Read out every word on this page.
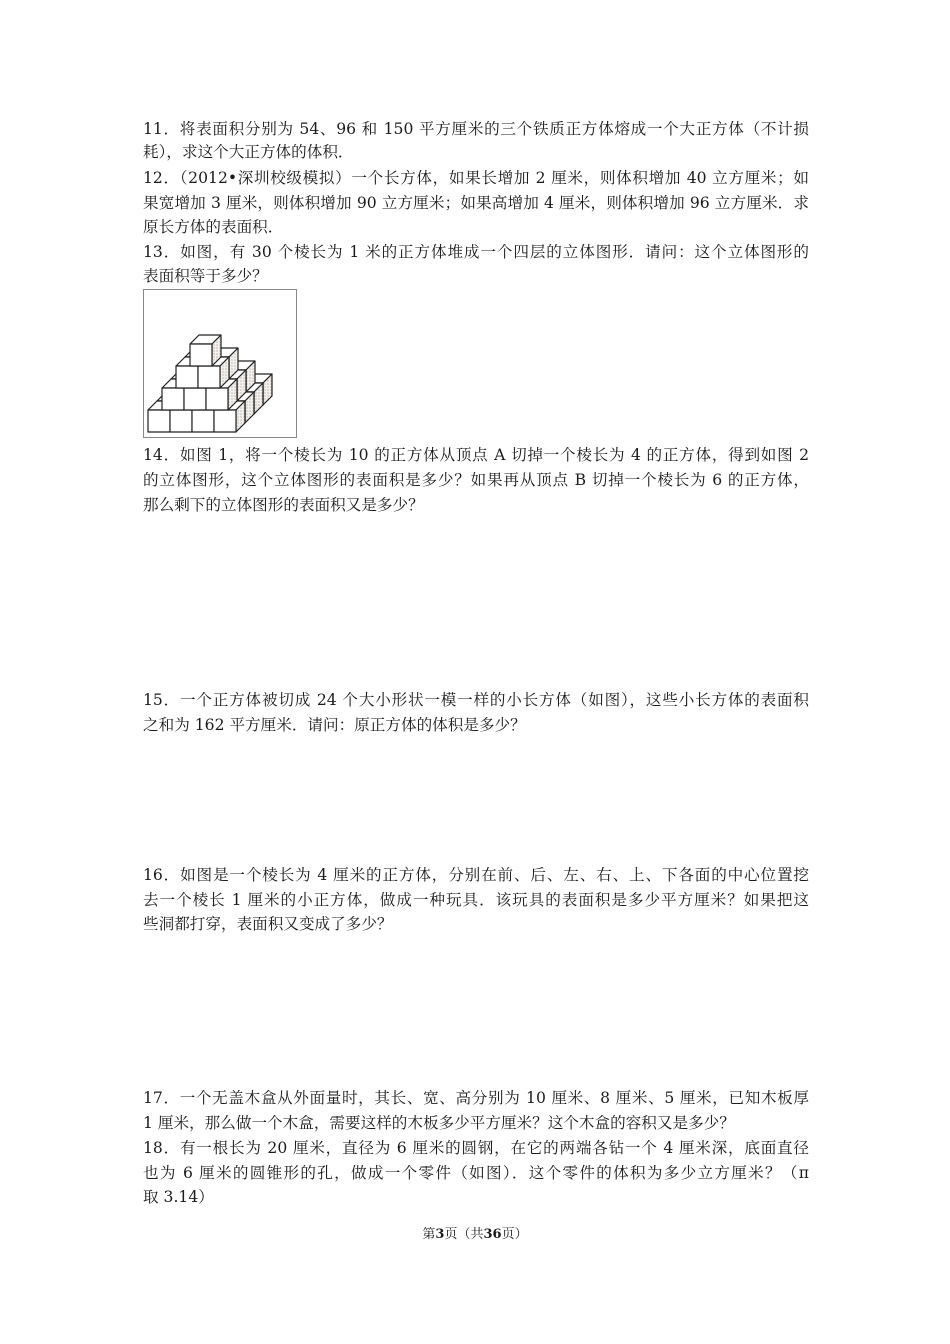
11．将表面积分别为 54、96 和 150 平方厘米的三个铁质正方体熔成一个大正方体（不计损
耗），求这个大正方体的体积．
12．（2012•深圳校级模拟）一个长方体，如果长增加 2 厘米，则体积增加 40 立方厘米；如
果宽增加 3 厘米，则体积增加 90 立方厘米；如果高增加 4 厘米，则体积增加 96 立方厘米．求
原长方体的表面积．
13．如图，有 30 个棱长为 1 米的正方体堆成一个四层的立体图形．请问：这个立体图形的
表面积等于多少？
14．如图 1，将一个棱长为 10 的正方体从顶点 A 切掉一个棱长为 4 的正方体，得到如图 2
的立体图形，这个立体图形的表面积是多少？如果再从顶点 B 切掉一个棱长为 6 的正方体，
那么剩下的立体图形的表面积又是多少？
15．一个正方体被切成 24 个大小形状一模一样的小长方体（如图），这些小长方体的表面积
之和为 162 平方厘米．请问：原正方体的体积是多少？
16．如图是一个棱长为 4 厘米的正方体，分别在前、后、左、右、上、下各面的中心位置挖
去一个棱长 1 厘米的小正方体，做成一种玩具．该玩具的表面积是多少平方厘米？如果把这
些洞都打穿，表面积又变成了多少？
17．一个无盖木盒从外面量时，其长、宽、高分别为 10 厘米、8 厘米、5 厘米，已知木板厚
1 厘米，那么做一个木盒，需要这样的木板多少平方厘米？这个木盒的容积又是多少？
18．有一根长为 20 厘米，直径为 6 厘米的圆钢，在它的两端各钻一个 4 厘米深，底面直径
也为 6 厘米的圆锥形的孔，做成一个零件（如图）．这个零件的体积为多少立方厘米？（π
取 3.14）
第3页（共36页）
